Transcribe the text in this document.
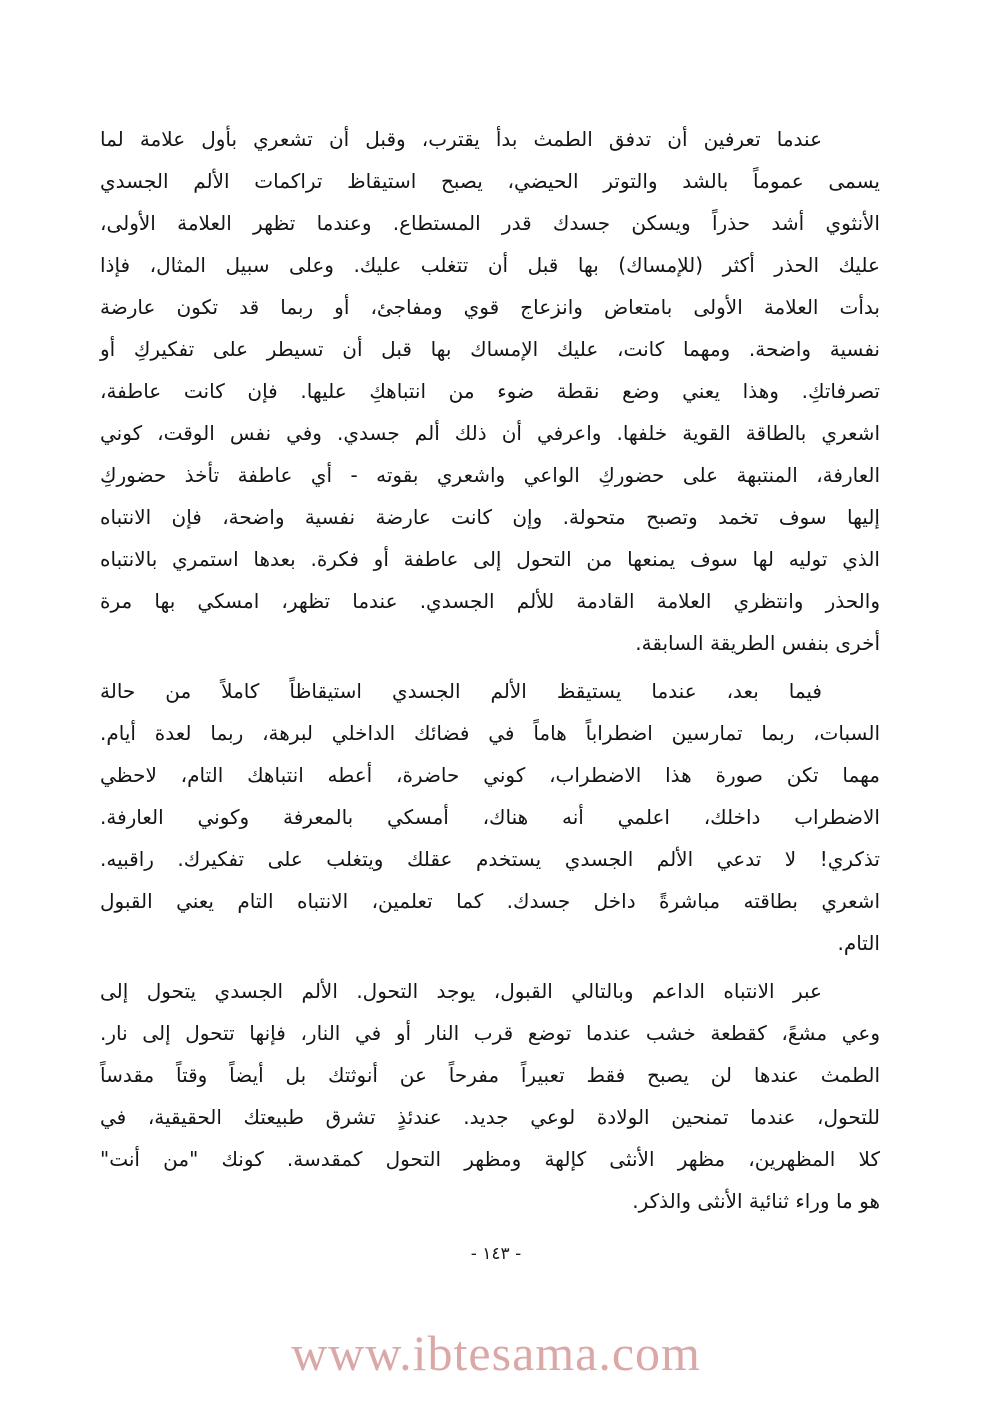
عندما تعرفين أن تدفق الطمث بدأ يقترب، وقبل أن تشعري بأول علامة لما
يسمى عموماً بالشد والتوتر الحيضي، يصبح استيقاظ تراكمات الألم الجسدي
الأنثوي أشد حذراً ويسكن جسدك قدر المستطاع. وعندما تظهر العلامة الأولى،
عليك الحذر أكثر (للإمساك) بها قبل أن تتغلب عليك. وعلى سبيل المثال، فإذا
بدأت العلامة الأولى بامتعاض وانزعاج قوي ومفاجئ، أو ربما قد تكون عارضة
نفسية واضحة. ومهما كانت، عليك الإمساك بها قبل أن تسيطر على تفكيركِ أو
تصرفاتكِ. وهذا يعني وضع نقطة ضوء من انتباهكِ عليها. فإن كانت عاطفة،
اشعري بالطاقة القوية خلفها. واعرفي أن ذلك ألم جسدي. وفي نفس الوقت، كوني
العارفة، المنتبهة على حضوركِ الواعي واشعري بقوته - أي عاطفة تأخذ حضوركِ
إليها سوف تخمد وتصبح متحولة. وإن كانت عارضة نفسية واضحة، فإن الانتباه
الذي توليه لها سوف يمنعها من التحول إلى عاطفة أو فكرة. بعدها استمري بالانتباه
والحذر وانتظري العلامة القادمة للألم الجسدي. عندما تظهر، امسكي بها مرة
أخرى بنفس الطريقة السابقة.
فيما بعد، عندما يستيقظ الألم الجسدي استيقاظاً كاملاً من حالة
السبات، ربما تمارسين اضطراباً هاماً في فضائك الداخلي لبرهة، ربما لعدة أيام.
مهما تكن صورة هذا الاضطراب، كوني حاضرة، أعطه انتباهك التام، لاحظي
الاضطراب داخلك، اعلمي أنه هناك، أمسكي بالمعرفة وكوني العارفة.
تذكري! لا تدعي الألم الجسدي يستخدم عقلك ويتغلب على تفكيرك. راقبيه.
اشعري بطاقته مباشرةً داخل جسدك. كما تعلمين، الانتباه التام يعني القبول
التام.
عبر الانتباه الداعم وبالتالي القبول، يوجد التحول. الألم الجسدي يتحول إلى
وعي مشعً، كقطعة خشب عندما توضع قرب النار أو في النار، فإنها تتحول إلى نار.
الطمث عندها لن يصبح فقط تعبيراً مفرحاً عن أنوثتك بل أيضاً وقتاً مقدساً
للتحول، عندما تمنحين الولادة لوعي جديد. عندئذٍ تشرق طبيعتك الحقيقية، في
كلا المظهرين، مظهر الأنثى كإلهة ومظهر التحول كمقدسة. كونك "من أنت"
هو ما وراء ثنائية الأنثى والذكر.
- ١٤٣ -
www.ibtesama.com
